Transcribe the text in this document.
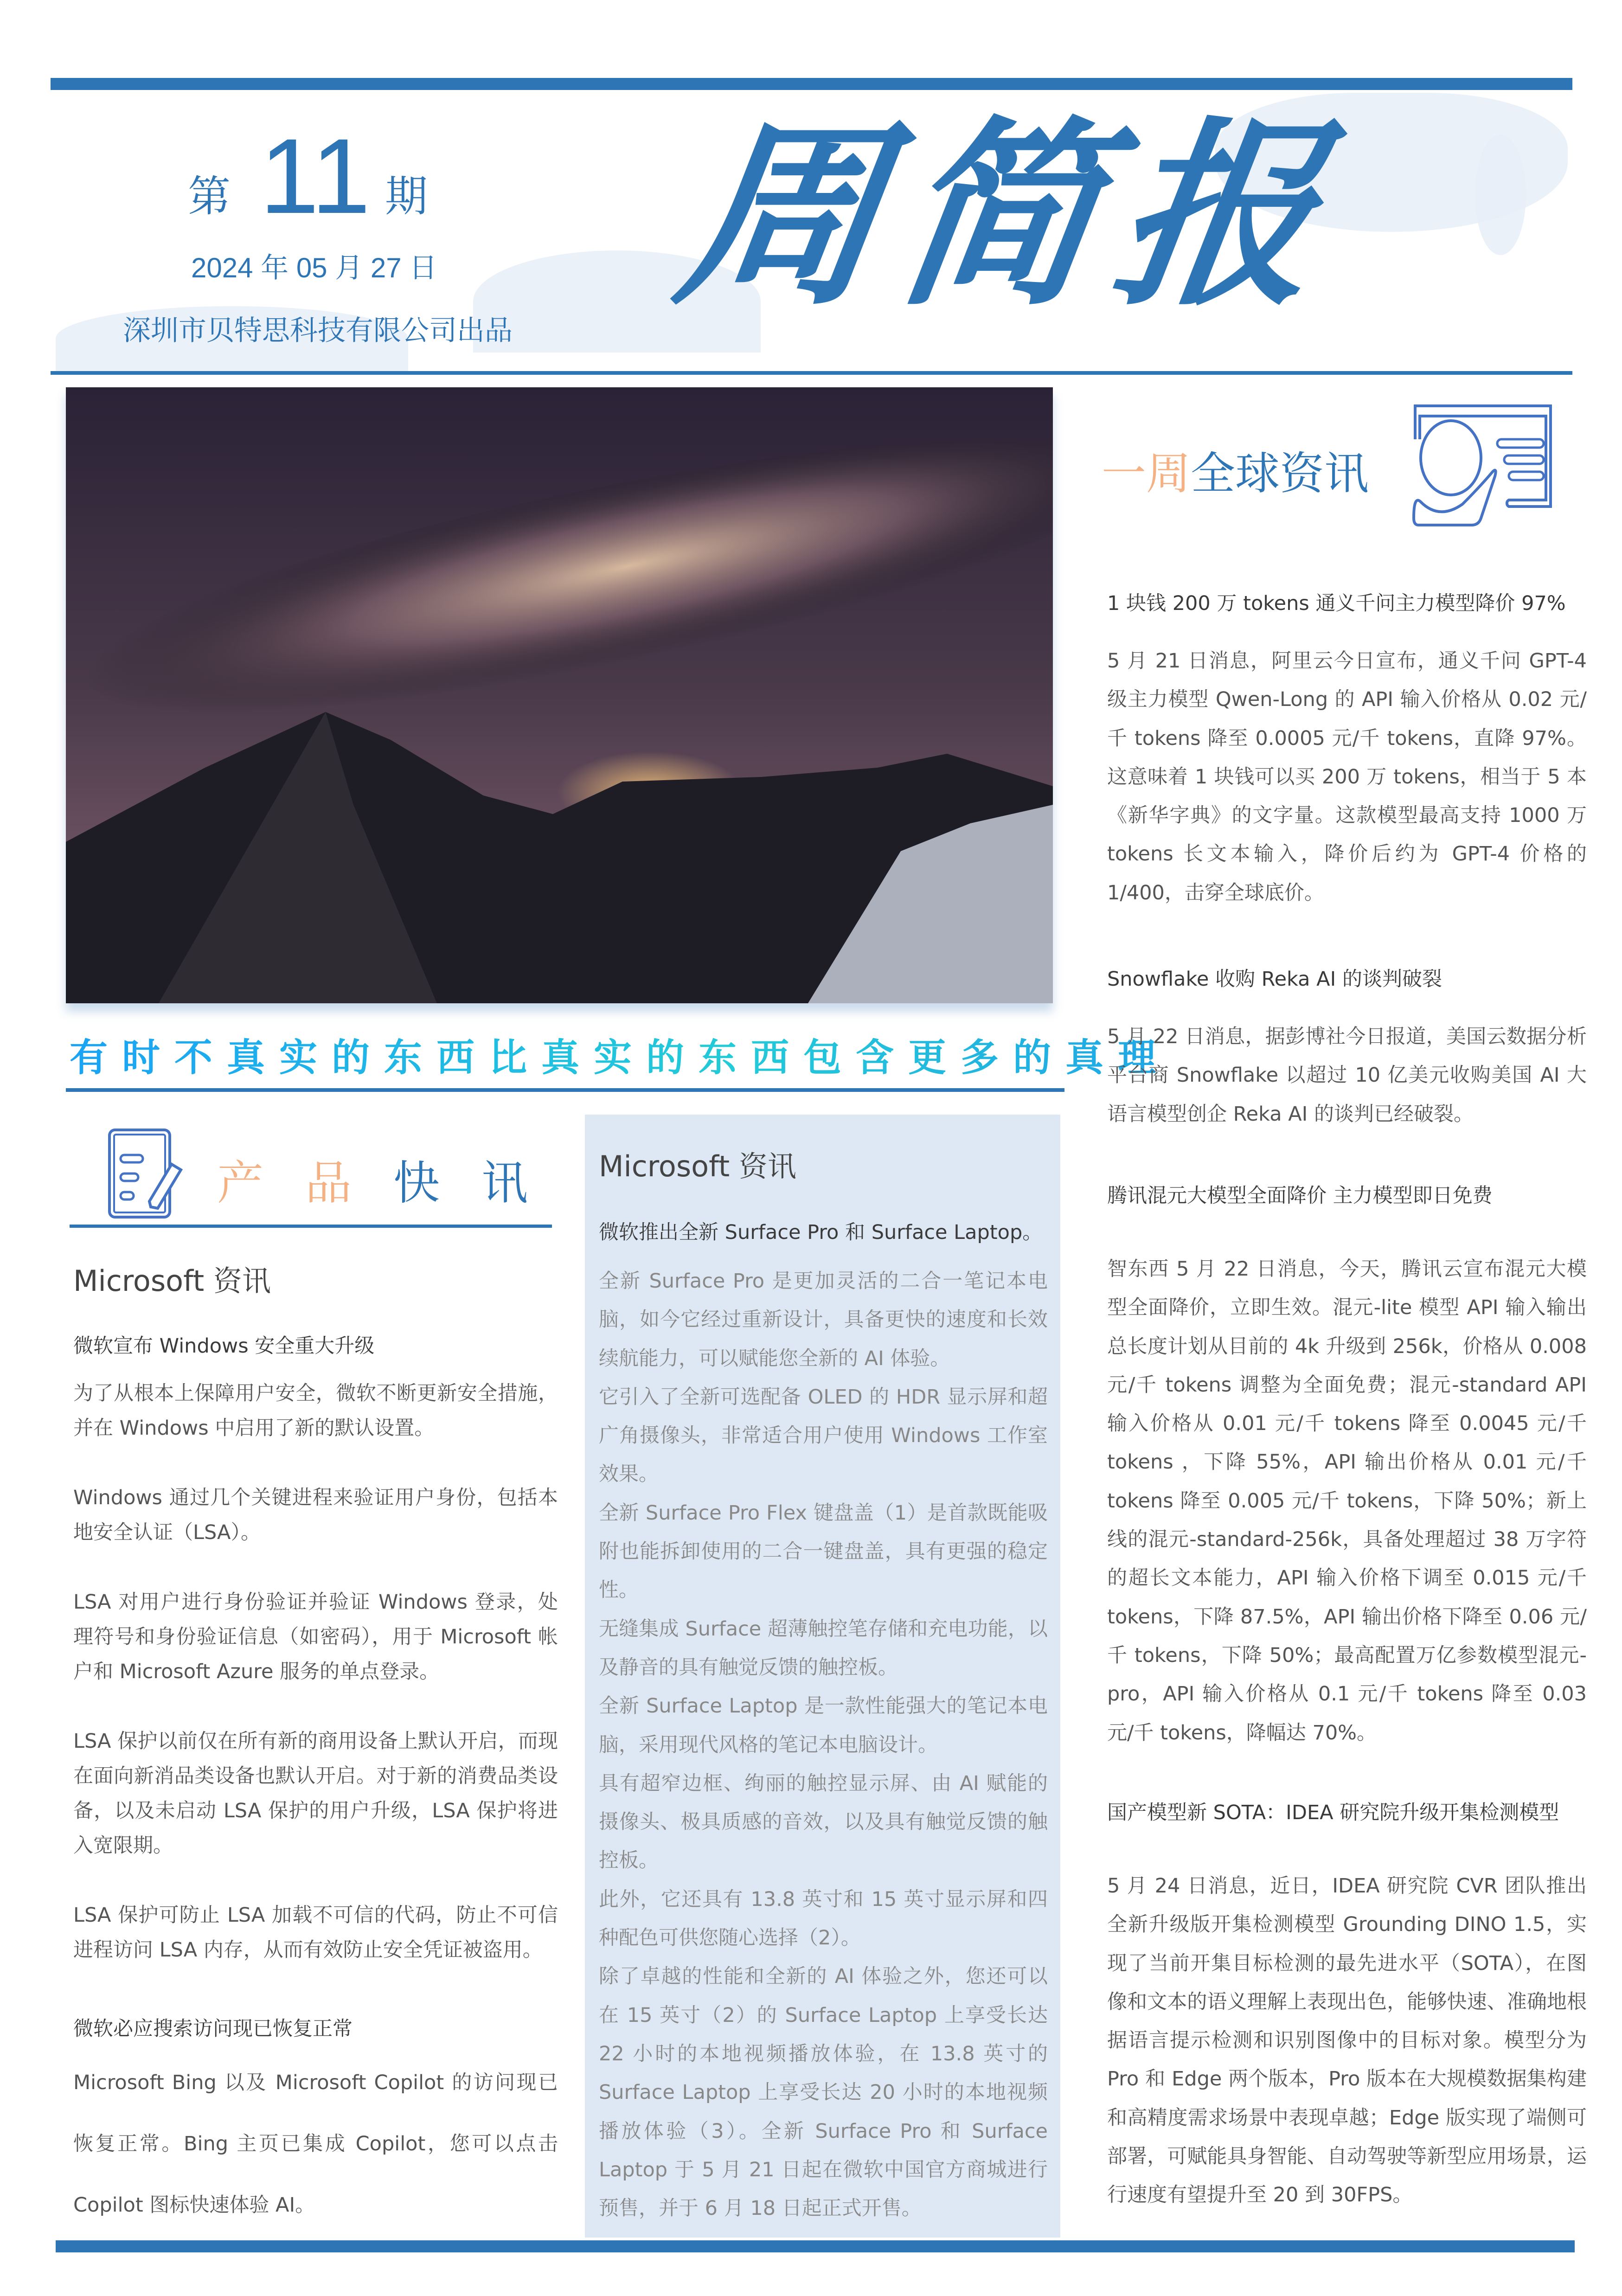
第 11 期
2024 年 05 月 27 日
深圳市贝特思科技有限公司出品 周简报
有时不真实的东西比真实的东西包含更多的真理
产品快讯
Microsoft 资讯
微软宣布 Windows 安全重大升级

为了从根本上保障用户安全，微软不断更新安全措施，并在 Windows 中启用了新的默认设置。

Windows 通过几个关键进程来验证用户身份，包括本地安全认证（LSA）。

LSA 对用户进行身份验证并验证 Windows 登录，处理符号和身份验证信息（如密码），用于 Microsoft 帐户和 Microsoft Azure 服务的单点登录。

LSA 保护以前仅在所有新的商用设备上默认开启，而现在面向新消品类设备也默认开启。对于新的消费品类设备，以及未启动 LSA 保护的用户升级，LSA 保护将进入宽限期。

LSA 保护可防止 LSA 加载不可信的代码，防止不可信进程访问 LSA 内存，从而有效防止安全凭证被盗用。

微软必应搜索访问现已恢复正常

Microsoft Bing 以及 Microsoft Copilot 的访问现已恢复正常。Bing 主页已集成 Copilot，您可以点击 Copilot 图标快速体验 AI。

Microsoft 资讯
微软推出全新 Surface Pro 和 Surface Laptop。

全新 Surface Pro 是更加灵活的二合一笔记本电脑，如今它经过重新设计，具备更快的速度和长效续航能力，可以赋能您全新的 AI 体验。

它引入了全新可选配备 OLED 的 HDR 显示屏和超广角摄像头，非常适合用户使用 Windows 工作室效果。

全新 Surface Pro Flex 键盘盖（1）是首款既能吸附也能拆卸使用的二合一键盘盖，具有更强的稳定性。

无缝集成 Surface 超薄触控笔存储和充电功能，以及静音的具有触觉反馈的触控板。

全新 Surface Laptop 是一款性能强大的笔记本电脑，采用现代风格的笔记本电脑设计。

具有超窄边框、绚丽的触控显示屏、由 AI 赋能的摄像头、极具质感的音效，以及具有触觉反馈的触控板。

此外，它还具有 13.8 英寸和 15 英寸显示屏和四种配色可供您随心选择（2）。

除了卓越的性能和全新的 AI 体验之外，您还可以在 15 英寸（2）的 Surface Laptop 上享受长达 22 小时的本地视频播放体验，在 13.8 英寸的 Surface Laptop 上享受长达 20 小时的本地视频播放体验（3）。全新 Surface Pro 和 Surface Laptop 于 5 月 21 日起在微软中国官方商城进行预售，并于 6 月 18 日起正式开售。

一周全球资讯
1 块钱 200 万 tokens 通义千问主力模型降价 97%

5 月 21 日消息，阿里云今日宣布，通义千问 GPT-4 级主力模型 Qwen-Long 的 API 输入价格从 0.02 元/千 tokens 降至 0.0005 元/千 tokens，直降 97%。这意味着 1 块钱可以买 200 万 tokens，相当于 5 本《新华字典》的文字量。这款模型最高支持 1000 万 tokens 长文本输入，降价后约为 GPT-4 价格的 1/400，击穿全球底价。

Snowflake 收购 Reka AI 的谈判破裂

5 月 22 日消息，据彭博社今日报道，美国云数据分析平台商 Snowflake 以超过 10 亿美元收购美国 AI 大语言模型创企 Reka AI 的谈判已经破裂。

腾讯混元大模型全面降价 主力模型即日免费

智东西 5 月 22 日消息，今天，腾讯云宣布混元大模型全面降价，立即生效。混元-lite 模型 API 输入输出总长度计划从目前的 4k 升级到 256k，价格从 0.008 元/千 tokens 调整为全面免费；混元-standard API 输入价格从 0.01 元/千 tokens 降至 0.0045 元/千 tokens ，下降 55%，API 输出价格从 0.01 元/千 tokens 降至 0.005 元/千 tokens，下降 50%；新上线的混元-standard-256k，具备处理超过 38 万字符的超长文本能力，API 输入价格下调至 0.015 元/千 tokens，下降 87.5%，API 输出价格下降至 0.06 元/千 tokens，下降 50%；最高配置万亿参数模型混元-pro，API 输入价格从 0.1 元/千 tokens 降至 0.03 元/千 tokens，降幅达 70%。

国产模型新 SOTA：IDEA 研究院升级开集检测模型

5 月 24 日消息，近日，IDEA 研究院 CVR 团队推出全新升级版开集检测模型 Grounding DINO 1.5，实现了当前开集目标检测的最先进水平（SOTA），在图像和文本的语义理解上表现出色，能够快速、准确地根据语言提示检测和识别图像中的目标对象。模型分为 Pro 和 Edge 两个版本，Pro 版本在大规模数据集构建和高精度需求场景中表现卓越；Edge 版实现了端侧可部署，可赋能具身智能、自动驾驶等新型应用场景，运行速度有望提升至 20 到 30FPS。
